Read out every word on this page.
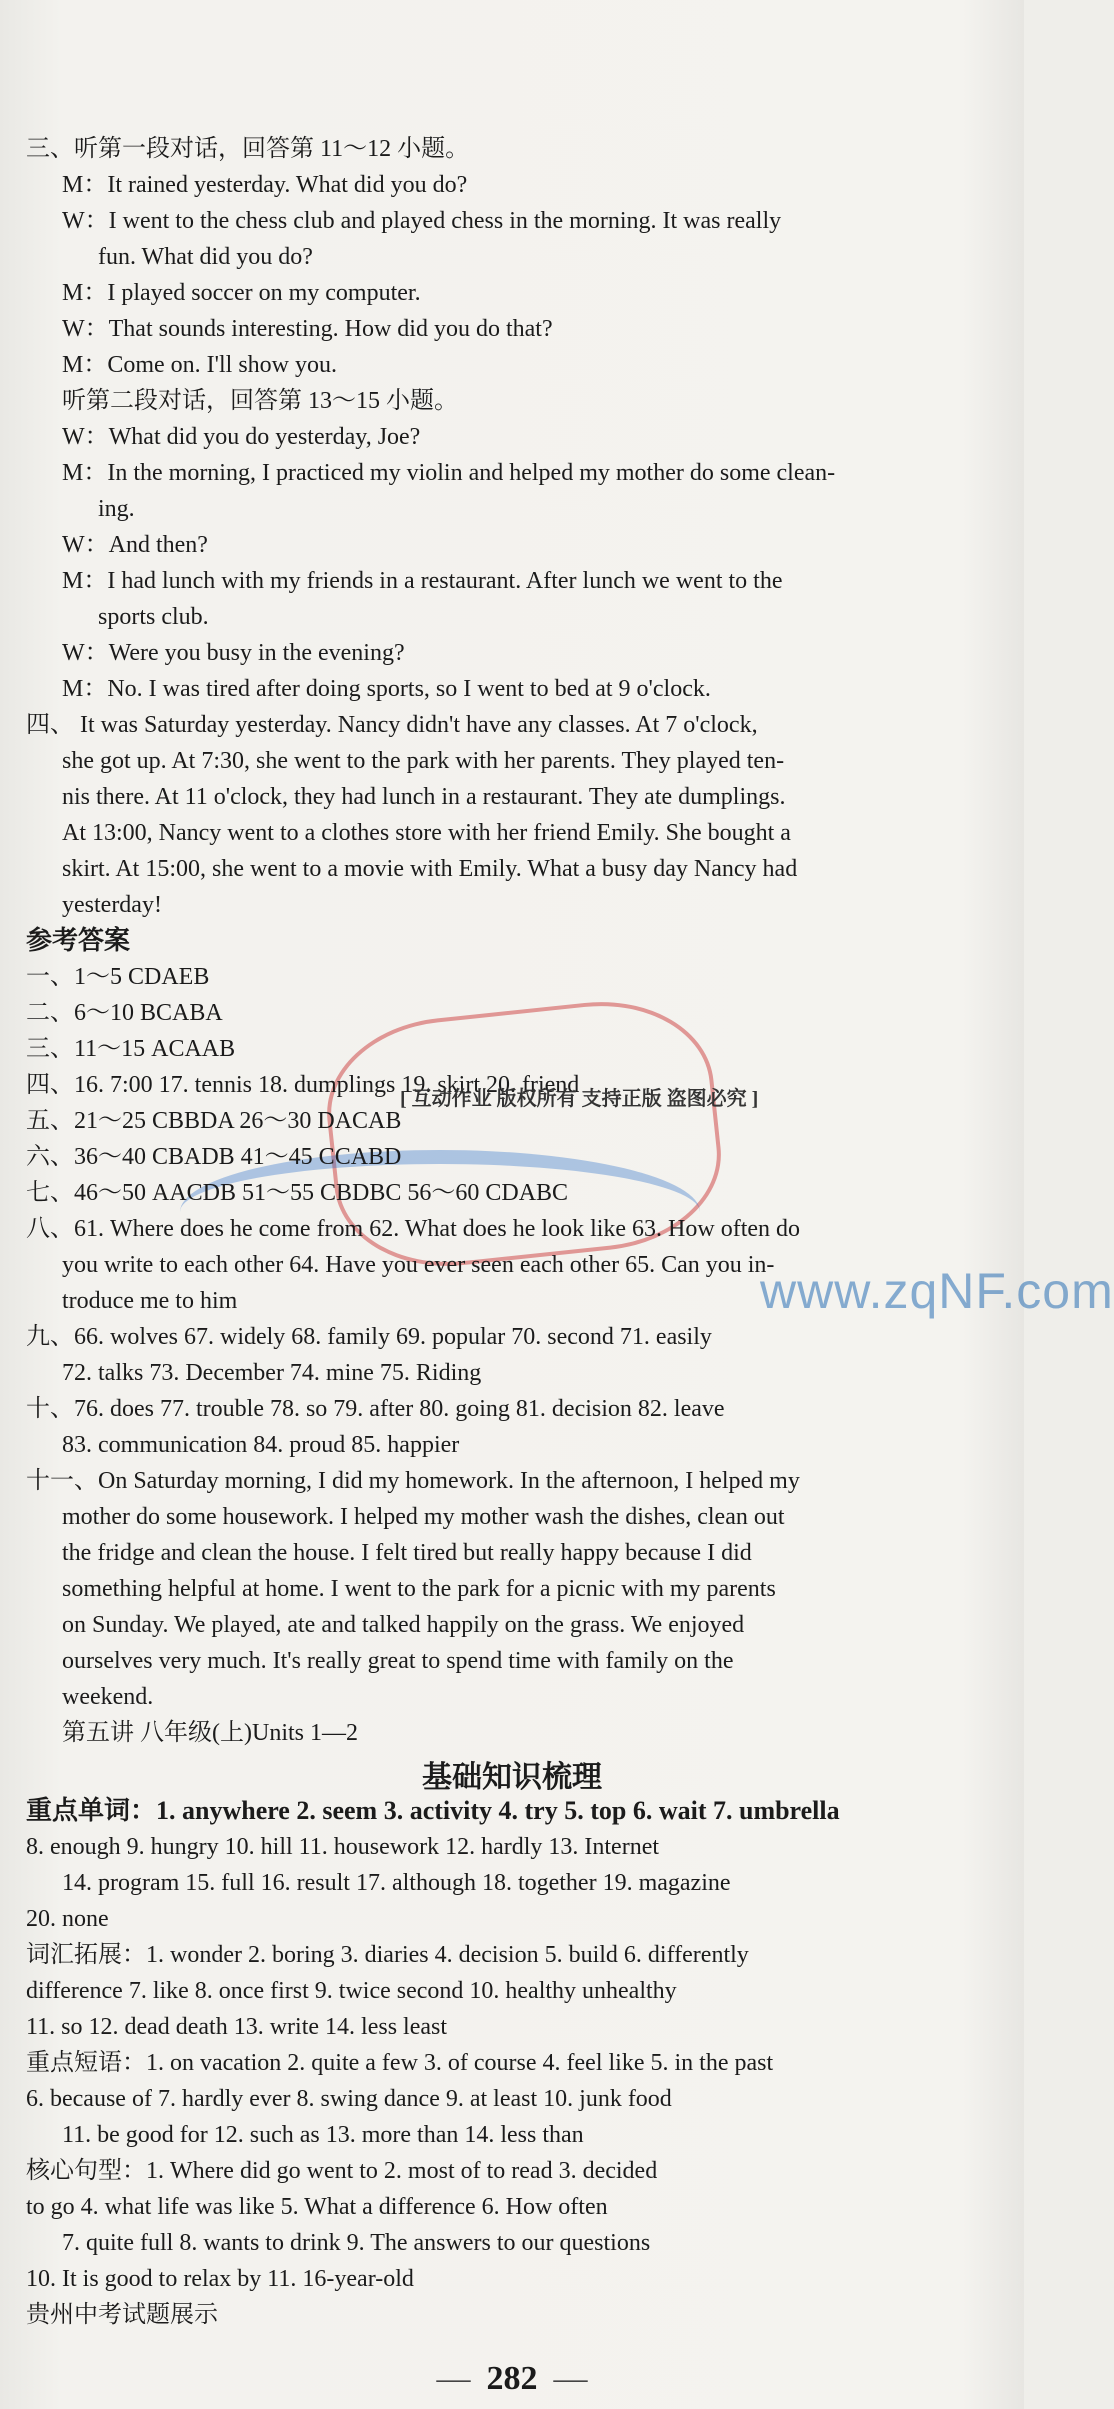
三、听第一段对话，回答第 11～12 小题。
M：It rained yesterday. What did you do?
W：I went to the chess club and played chess in the morning. It was really
fun. What did you do?
M：I played soccer on my computer.
W：That sounds interesting. How did you do that?
M：Come on. I'll show you.
听第二段对话，回答第 13～15 小题。
W：What did you do yesterday, Joe?
M：In the morning, I practiced my violin and helped my mother do some clean-
ing.
W：And then?
M：I had lunch with my friends in a restaurant. After lunch we went to the
sports club.
W：Were you busy in the evening?
M：No. I was tired after doing sports, so I went to bed at 9 o'clock.
四、 It was Saturday yesterday. Nancy didn't have any classes. At 7 o'clock,
she got up. At 7:30, she went to the park with her parents. They played ten-
nis there. At 11 o'clock, they had lunch in a restaurant. They ate dumplings.
At 13:00, Nancy went to a clothes store with her friend Emily. She bought a
skirt. At 15:00, she went to a movie with Emily. What a busy day Nancy had
yesterday!
参考答案
一、1～5 CDAEB
二、6～10 BCABA
三、11～15 ACAAB
四、16. 7:00 17. tennis 18. dumplings 19. skirt 20. friend
五、21～25 CBBDA 26～30 DACAB
六、36～40 CBADB 41～45 CCABD
七、46～50 AACDB 51～55 CBDBC 56～60 CDABC
八、61. Where does he come from 62. What does he look like 63. How often do
you write to each other 64. Have you ever seen each other 65. Can you in-
troduce me to him
九、66. wolves 67. widely 68. family 69. popular 70. second 71. easily
72. talks 73. December 74. mine 75. Riding
十、76. does 77. trouble 78. so 79. after 80. going 81. decision 82. leave
83. communication 84. proud 85. happier
十一、On Saturday morning, I did my homework. In the afternoon, I helped my
mother do some housework. I helped my mother wash the dishes, clean out
the fridge and clean the house. I felt tired but really happy because I did
something helpful at home. I went to the park for a picnic with my parents
on Sunday. We played, ate and talked happily on the grass. We enjoyed
ourselves very much. It's really great to spend time with family on the
weekend.
第五讲 八年级(上)Units 1—2
基础知识梳理
重点单词：1. anywhere 2. seem 3. activity 4. try 5. top 6. wait 7. umbrella
8. enough 9. hungry 10. hill 11. housework 12. hardly 13. Internet
14. program 15. full 16. result 17. although 18. together 19. magazine
20. none
词汇拓展：1. wonder 2. boring 3. diaries 4. decision 5. build 6. differently
difference 7. like 8. once first 9. twice second 10. healthy unhealthy
11. so 12. dead death 13. write 14. less least
重点短语：1. on vacation 2. quite a few 3. of course 4. feel like 5. in the past
6. because of 7. hardly ever 8. swing dance 9. at least 10. junk food
11. be good for 12. such as 13. more than 14. less than
核心句型：1. Where did go went to 2. most of to read 3. decided
to go 4. what life was like 5. What a difference 6. How often
7. quite full 8. wants to drink 9. The answers to our questions
10. It is good to relax by 11. 16-year-old
贵州中考试题展示
[ 互动作业 版权所有 支持正版 盗图必究 ]
www.zqNF.com
— 282 —
